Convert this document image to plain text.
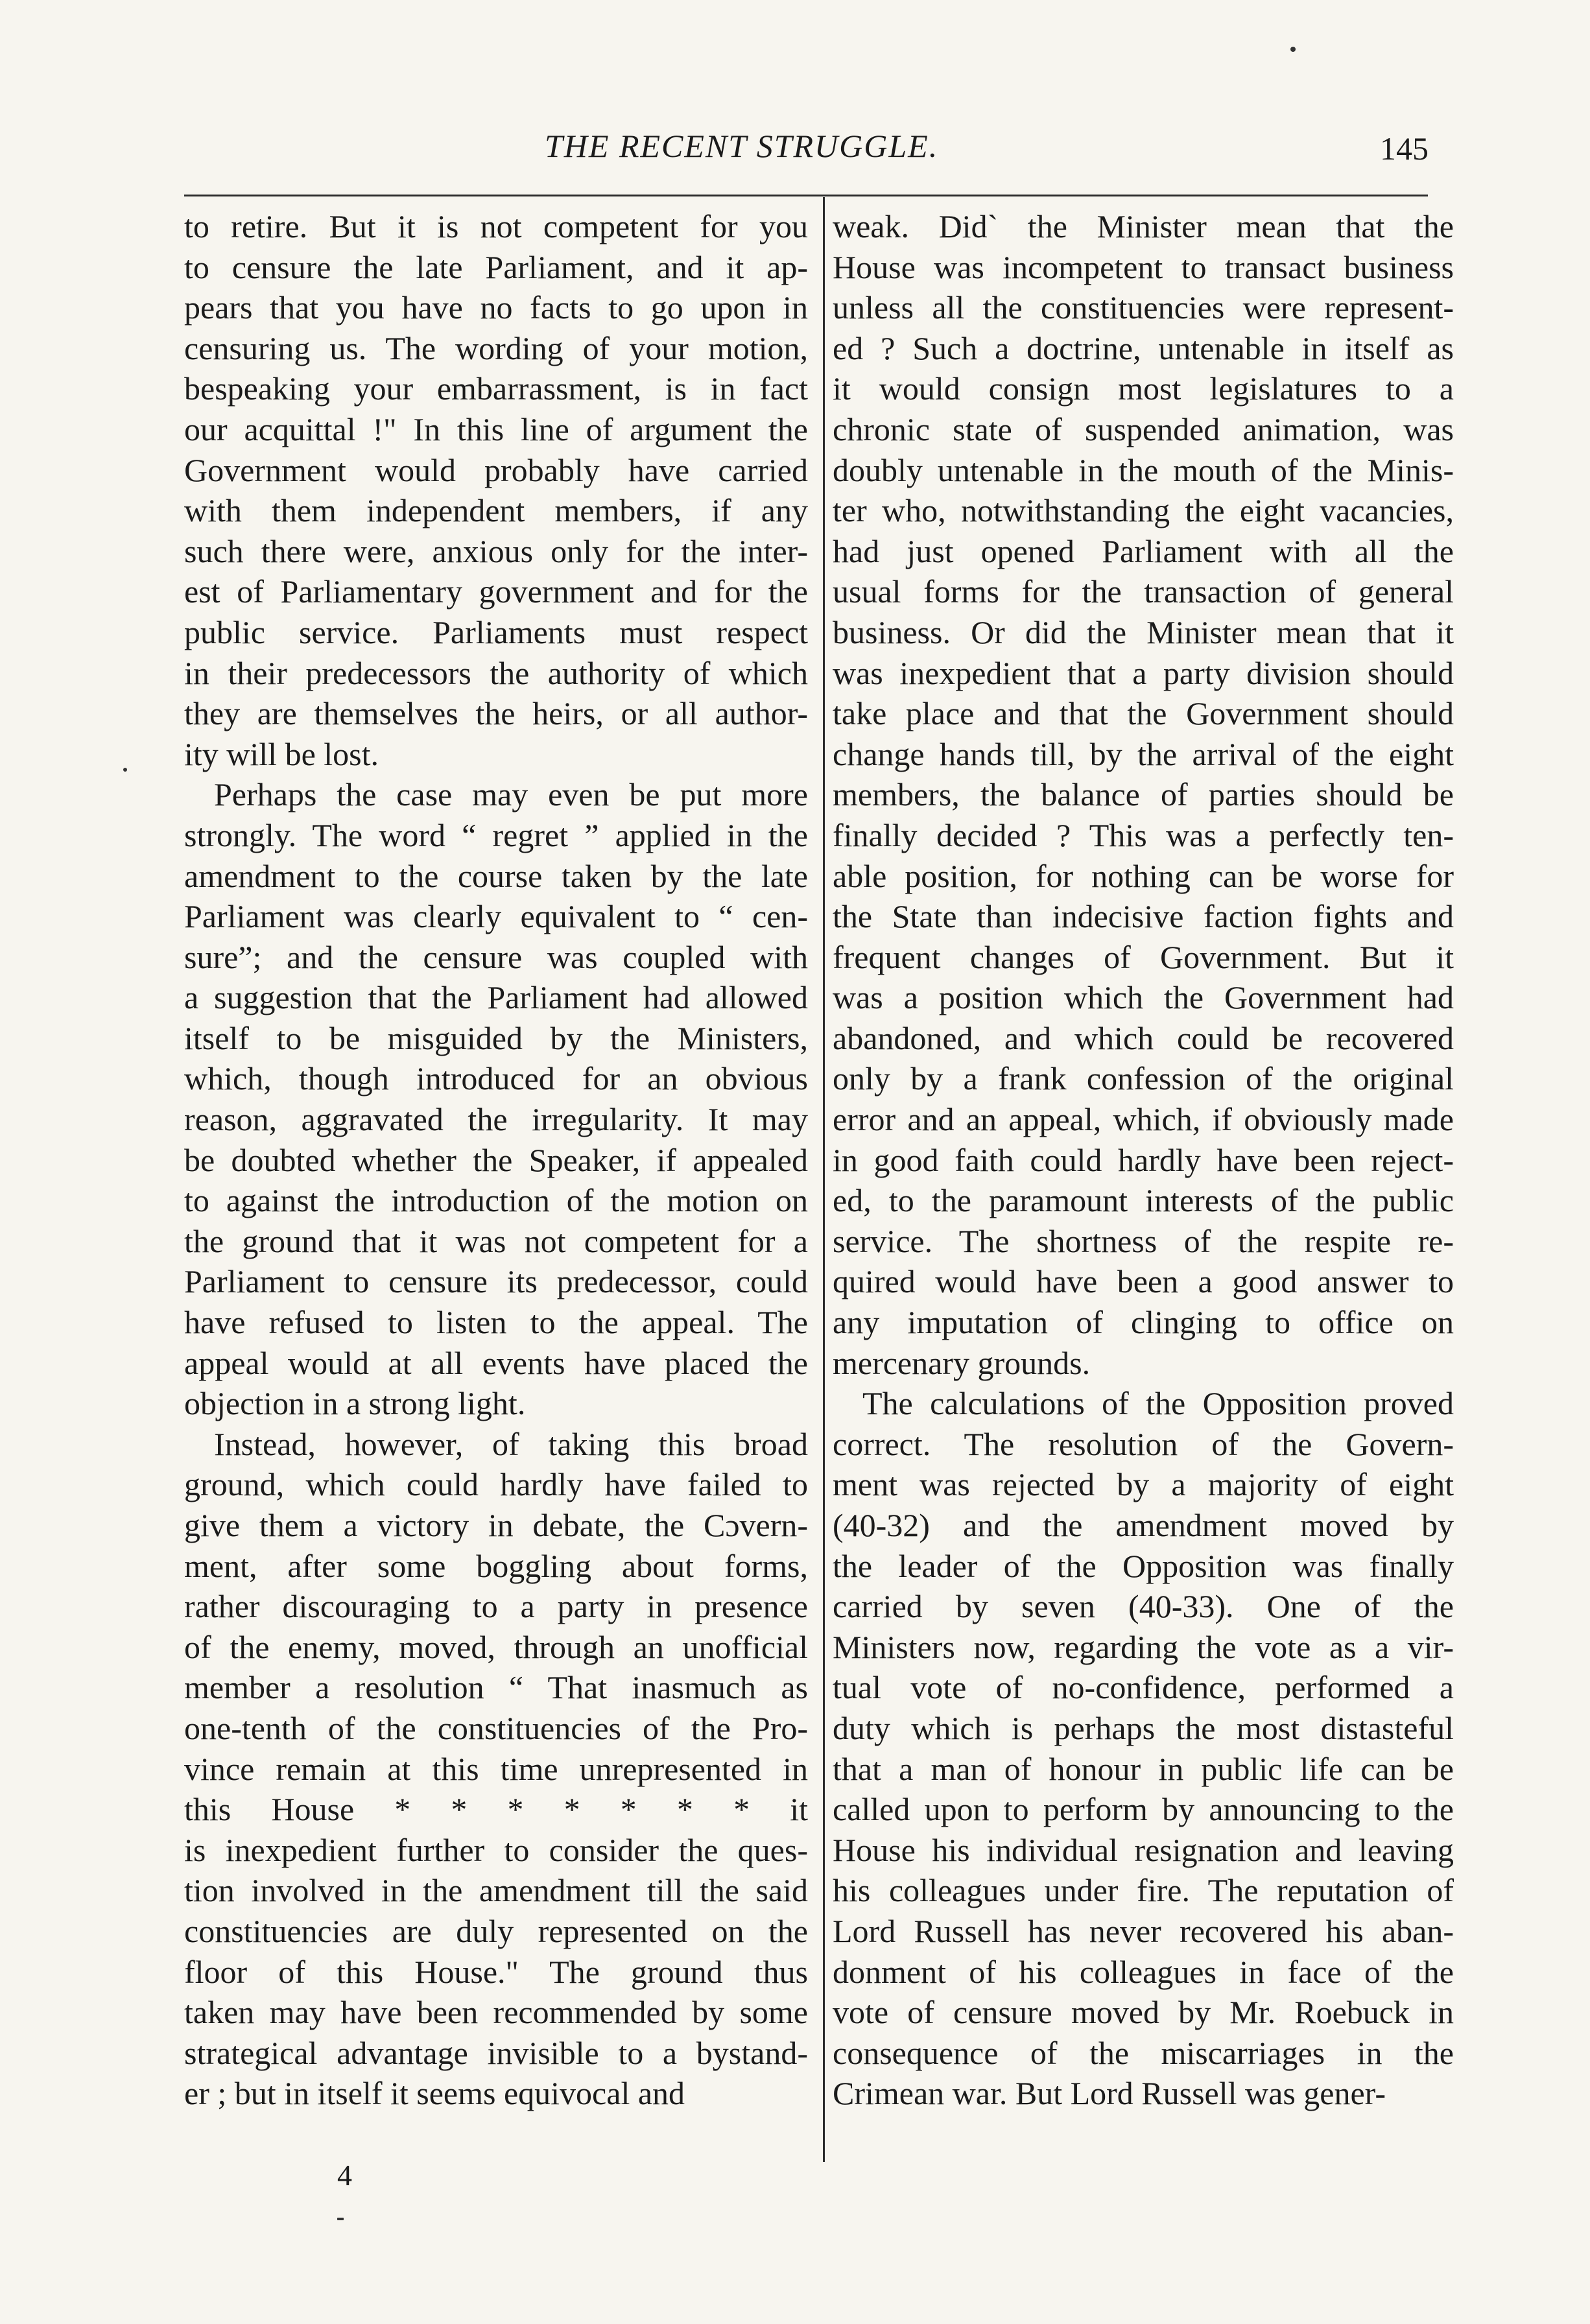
THE RECENT STRUGGLE.	145
to retire. But it is not competent for you
to censure the late Parliament, and it ap-
pears that you have no facts to go upon in
censuring us. The wording of your motion,
bespeaking your embarrassment, is in fact
our acquittal !" In this line of argument the
Government would probably have carried
with them independent members, if any
such there were, anxious only for the inter-
est of Parliamentary government and for the
public service. Parliaments must respect
in their predecessors the authority of which
they are themselves the heirs, or all author-
ity will be lost.
Perhaps the case may even be put more
strongly. The word “ regret ” applied in the
amendment to the course taken by the late
Parliament was clearly equivalent to “ cen-
sure”; and the censure was coupled with
a suggestion that the Parliament had allowed
itself to be misguided by the Ministers,
which, though introduced for an obvious
reason, aggravated the irregularity. It may
be doubted whether the Speaker, if appealed
to against the introduction of the motion on
the ground that it was not competent for a
Parliament to censure its predecessor, could
have refused to listen to the appeal. The
appeal would at all events have placed the
objection in a strong light.
Instead, however, of taking this broad
ground, which could hardly have failed to
give them a victory in debate, the Cɔvern-
ment, after some boggling about forms,
rather discouraging to a party in presence
of the enemy, moved, through an unofficial
member a resolution “ That inasmuch as
one-tenth of the constituencies of the Pro-
vince remain at this time unrepresented in
this House * * * * * * * it
is inexpedient further to consider the ques-
tion involved in the amendment till the said
constituencies are duly represented on the
floor of this House." The ground thus
taken may have been recommended by some
strategical advantage invisible to a bystand-
er ; but in itself it seems equivocal and
weak. Did` the Minister mean that the
House was incompetent to transact business
unless all the constituencies were represent-
ed ? Such a doctrine, untenable in itself as
it would consign most legislatures to a
chronic state of suspended animation, was
doubly untenable in the mouth of the Minis-
ter who, notwithstanding the eight vacancies,
had just opened Parliament with all the
usual forms for the transaction of general
business. Or did the Minister mean that it
was inexpedient that a party division should
take place and that the Government should
change hands till, by the arrival of the eight
members, the balance of parties should be
finally decided ? This was a perfectly ten-
able position, for nothing can be worse for
the State than indecisive faction fights and
frequent changes of Government. But it
was a position which the Government had
abandoned, and which could be recovered
only by a frank confession of the original
error and an appeal, which, if obviously made
in good faith could hardly have been reject-
ed, to the paramount interests of the public
service. The shortness of the respite re-
quired would have been a good answer to
any imputation of clinging to office on
mercenary grounds.
The calculations of the Opposition proved
correct. The resolution of the Govern-
ment was rejected by a majority of eight
(40-32) and the amendment moved by
the leader of the Opposition was finally
carried by seven (40-33). One of the
Ministers now, regarding the vote as a vir-
tual vote of no-confidence, performed a
duty which is perhaps the most distasteful
that a man of honour in public life can be
called upon to perform by announcing to the
House his individual resignation and leaving
his colleagues under fire. The reputation of
Lord Russell has never recovered his aban-
donment of his colleagues in face of the
vote of censure moved by Mr. Roebuck in
consequence of the miscarriages in the
Crimean war. But Lord Russell was gener-
4
